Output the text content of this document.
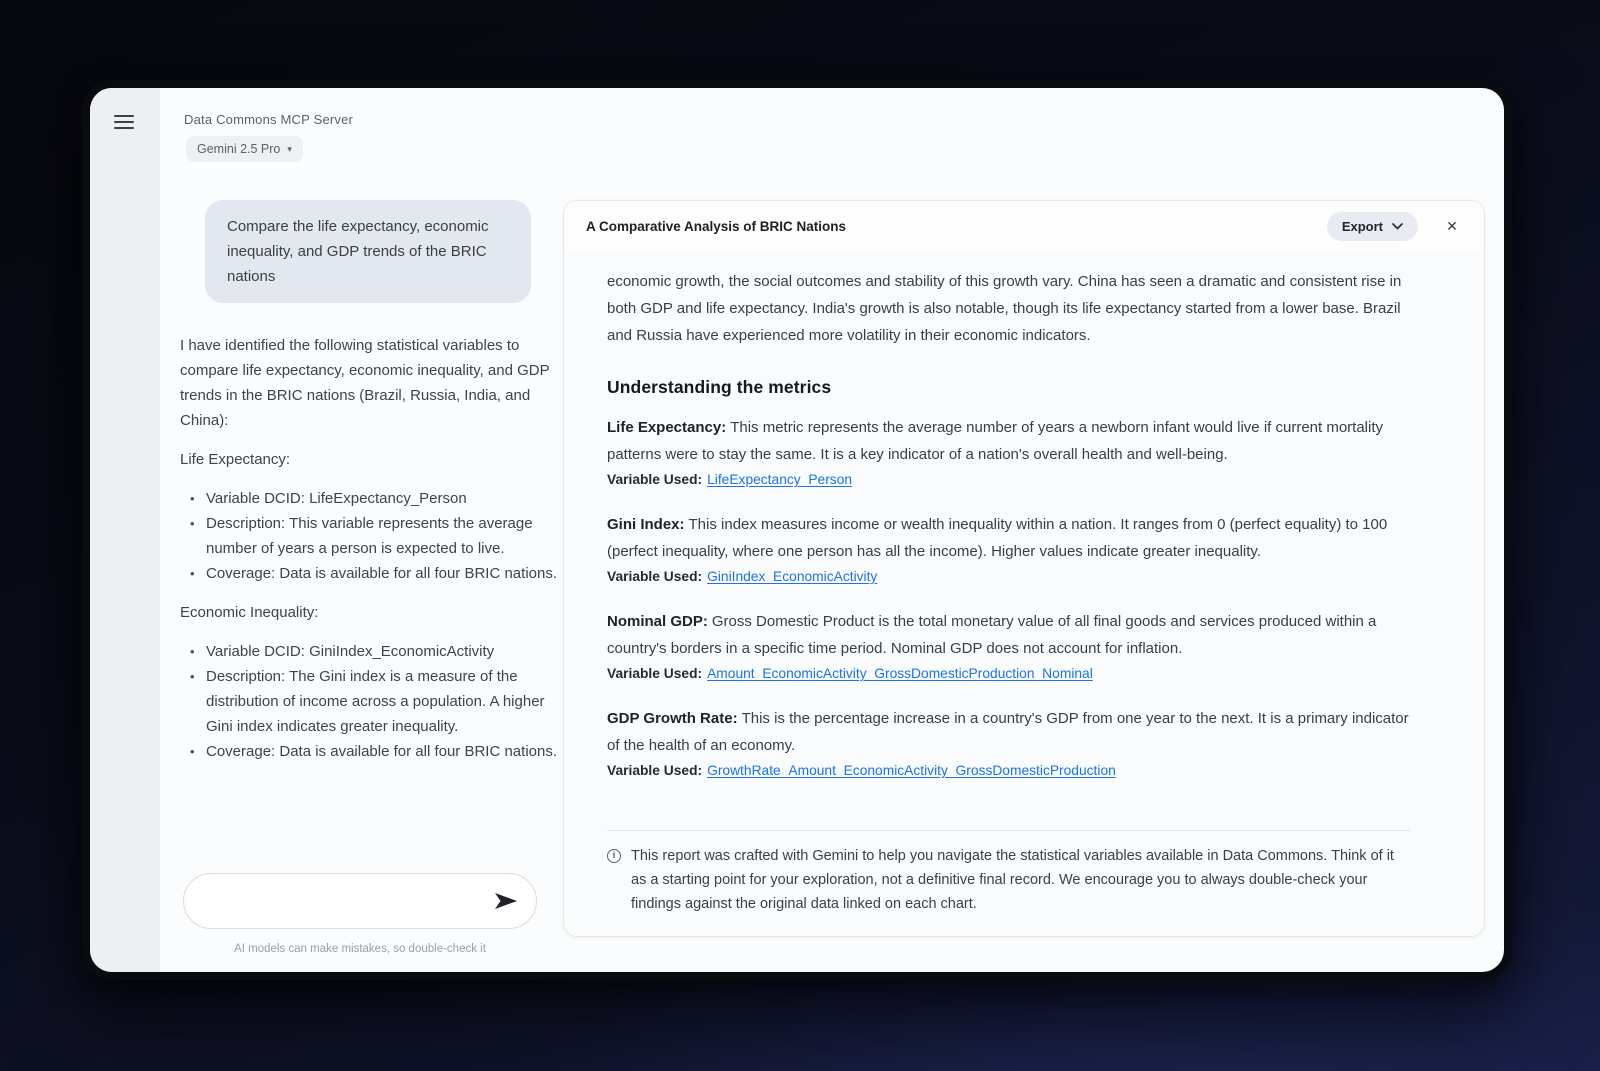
Data Commons MCP Server
Gemini 2.5 Pro ▾
Compare the life expectancy, economic inequality, and GDP trends of the BRIC nations

I have identified the following statistical variables to compare life expectancy, economic inequality, and GDP trends in the BRIC nations (Brazil, Russia, India, and China):

Life Expectancy:
• Variable DCID: LifeExpectancy_Person
• Description: This variable represents the average number of years a person is expected to live.
• Coverage: Data is available for all four BRIC nations.
Economic Inequality:
• Variable DCID: GiniIndex_EconomicActivity
• Description: The Gini index is a measure of the distribution of income across a population. A higher Gini index indicates greater inequality.
• Coverage: Data is available for all four BRIC nations.
AI models can make mistakes, so double-check it
A Comparative Analysis of BRIC Nations	Export	✕

economic growth, the social outcomes and stability of this growth vary. China has seen a dramatic and consistent rise in both GDP and life expectancy. India's growth is also notable, though its life expectancy started from a lower base. Brazil and Russia have experienced more volatility in their economic indicators.

Understanding the metrics

Life Expectancy: This metric represents the average number of years a newborn infant would live if current mortality patterns were to stay the same. It is a key indicator of a nation's overall health and well-being.

Variable Used: LifeExpectancy_Person

Gini Index: This index measures income or wealth inequality within a nation. It ranges from 0 (perfect equality) to 100 (perfect inequality, where one person has all the income). Higher values indicate greater inequality.

Variable Used: GiniIndex_EconomicActivity

Nominal GDP: Gross Domestic Product is the total monetary value of all final goods and services produced within a country's borders in a specific time period. Nominal GDP does not account for inflation.

Variable Used: Amount_EconomicActivity_GrossDomesticProduction_Nominal

GDP Growth Rate: This is the percentage increase in a country's GDP from one year to the next. It is a primary indicator of the health of an economy.

Variable Used: GrowthRate_Amount_EconomicActivity_GrossDomesticProduction
i	This report was crafted with Gemini to help you navigate the statistical variables available in Data Commons. Think of it as a starting point for your exploration, not a definitive final record. We encourage you to always double-check your findings against the original data linked on each chart.
